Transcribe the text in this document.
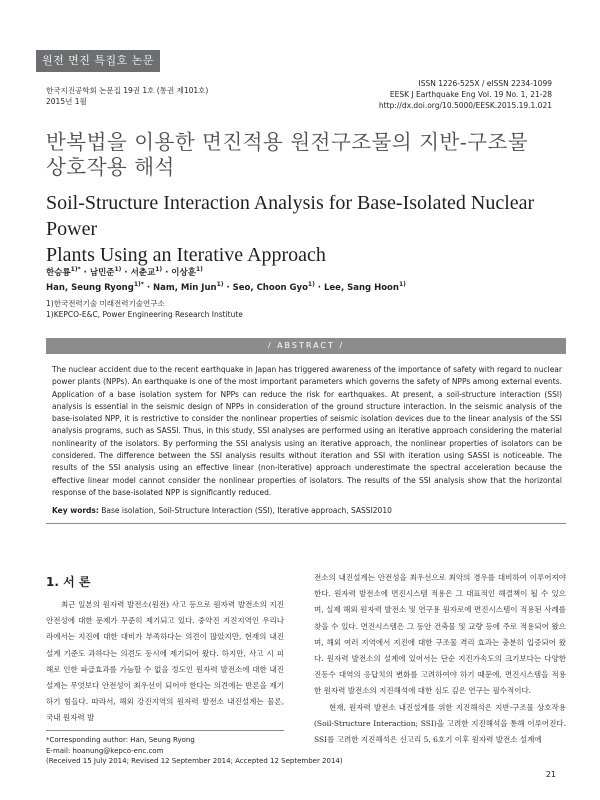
원전 면진 특집호 논문
한국지진공학회 논문집 19권 1호 (통권 제101호)
2015년 1월
ISSN 1226-525X / eISSN 2234-1099
EESK J Earthquake Eng Vol. 19 No. 1, 21-28
http://dx.doi.org/10.5000/EESK.2015.19.1.021
반복법을 이용한 면진적용 원전구조물의 지반-구조물
상호작용 해석
Soil-Structure Interaction Analysis for Base-Isolated Nuclear Power
Plants Using an Iterative Approach
한승룡$^{1)*}$ · 남민준$^{1)}$ · 서춘교$^{1)}$ · 이상훈$^{1)}$
Han, Seung Ryong$^{1)*}$ · Nam, Min Jun$^{1)}$ · Seo, Choon Gyo$^{1)}$ · Lee, Sang Hoon$^{1)}$
1)한국전력기술 미래전력기술연구소
1)KEPCO-E&C, Power Engineering Research Institute
/ ABSTRACT /
The nuclear accident due to the recent earthquake in Japan has triggered awareness of the importance of safety with regard to nuclear power plants (NPPs). An earthquake is one of the most important parameters which governs the safety of NPPs among external events. Application of a base isolation system for NPPs can reduce the risk for earthquakes. At present, a soil-structure interaction (SSI) analysis is essential in the seismic design of NPPs in consideration of the ground structure interaction. In the seismic analysis of the base-isolated NPP, it is restrictive to consider the nonlinear properties of seismic isolation devices due to the linear analysis of the SSI analysis programs, such as SASSI. Thus, in this study, SSI analyses are performed using an iterative approach considering the material nonlinearity of the isolators. By performing the SSI analysis using an iterative approach, the nonlinear properties of isolators can be considered. The difference between the SSI analysis results without iteration and SSI with iteration using SASSI is noticeable. The results of the SSI analysis using an effective linear (non-iterative) approach underestimate the spectral acceleration because the effective linear model cannot consider the nonlinear properties of isolators. The results of the SSI analysis show that the horizontal response of the base-isolated NPP is significantly reduced.
Key words: Base isolation, Soil-Structure Interaction (SSI), Iterative approach, SASSI2010
1. 서 론

최근 일본의 원자력 발전소(원전) 사고 등으로 원자력 발전소의 지진 안전성에 대한 문제가 꾸준히 제기되고 있다. 중약진 지진지역인 우리나라에서는 지진에 대한 대비가 부족하다는 의견이 많았지만, 현재의 내진설계 기준도 과하다는 의견도 동시에 제기되어 왔다. 하지만, 사고 시 피해로 인한 파급효과를 가늠할 수 없을 정도인 원자력 발전소에 대한 내진설계는 무엇보다 안전성이 최우선이 되어야 한다는 의견에는 반론을 제기하기 힘들다. 따라서, 해외 강진지역의 원자력 발전소 내진설계는 물론, 국내 원자력 발

전소의 내진설계는 안전성을 최우선으로 최악의 경우를 대비하여 이루어져야 한다. 원자력 발전소에 면진시스템 적용은 그 대표적인 해결책이 될 수 있으며, 실제 해외 원자력 발전소 및 연구용 원자로에 면진시스템이 적용된 사례를 찾을 수 있다. 면진시스템은 그 동안 건축물 및 교량 등에 주로 적용되어 왔으며, 해외 여러 지역에서 지진에 대한 구조물 격리 효과는 충분히 입증되어 왔다. 원자력 발전소의 설계에 있어서는 단순 지진가속도의 크기보다는 다양한 진동수 대역의 응답치의 변화를 고려하여야 하기 때문에, 면진시스템을 적용한 원자력 발전소의 지진해석에 대한 심도 깊은 연구는 필수적이다.

현재, 원자력 발전소 내진설계를 위한 지진해석은 지반-구조물 상호작용(Soil-Structure Interaction; SSI)을 고려한 지진해석을 통해 이루어진다. SSI를 고려한 지진해석은 신고리 5, 6호기 이후 원자력 발전소 설계에

*Corresponding author: Han, Seung Ryong
E-mail: hoanung@kepco-enc.com
(Received 15 July 2014; Revised 12 September 2014; Accepted 12 September 2014)
21
